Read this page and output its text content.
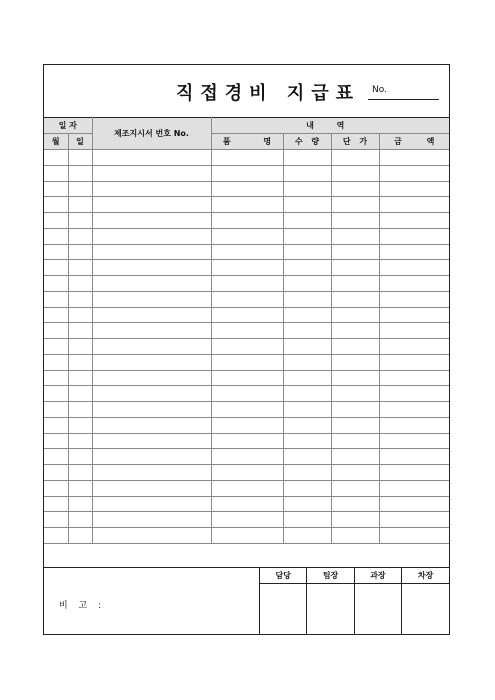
직접경비 지급표 No.
일 자		제조지시서 번호 No.	내 역			
월	일		품 명	수 량	단 가	금 액

비 고 :
담당	팀장	과장	차장
